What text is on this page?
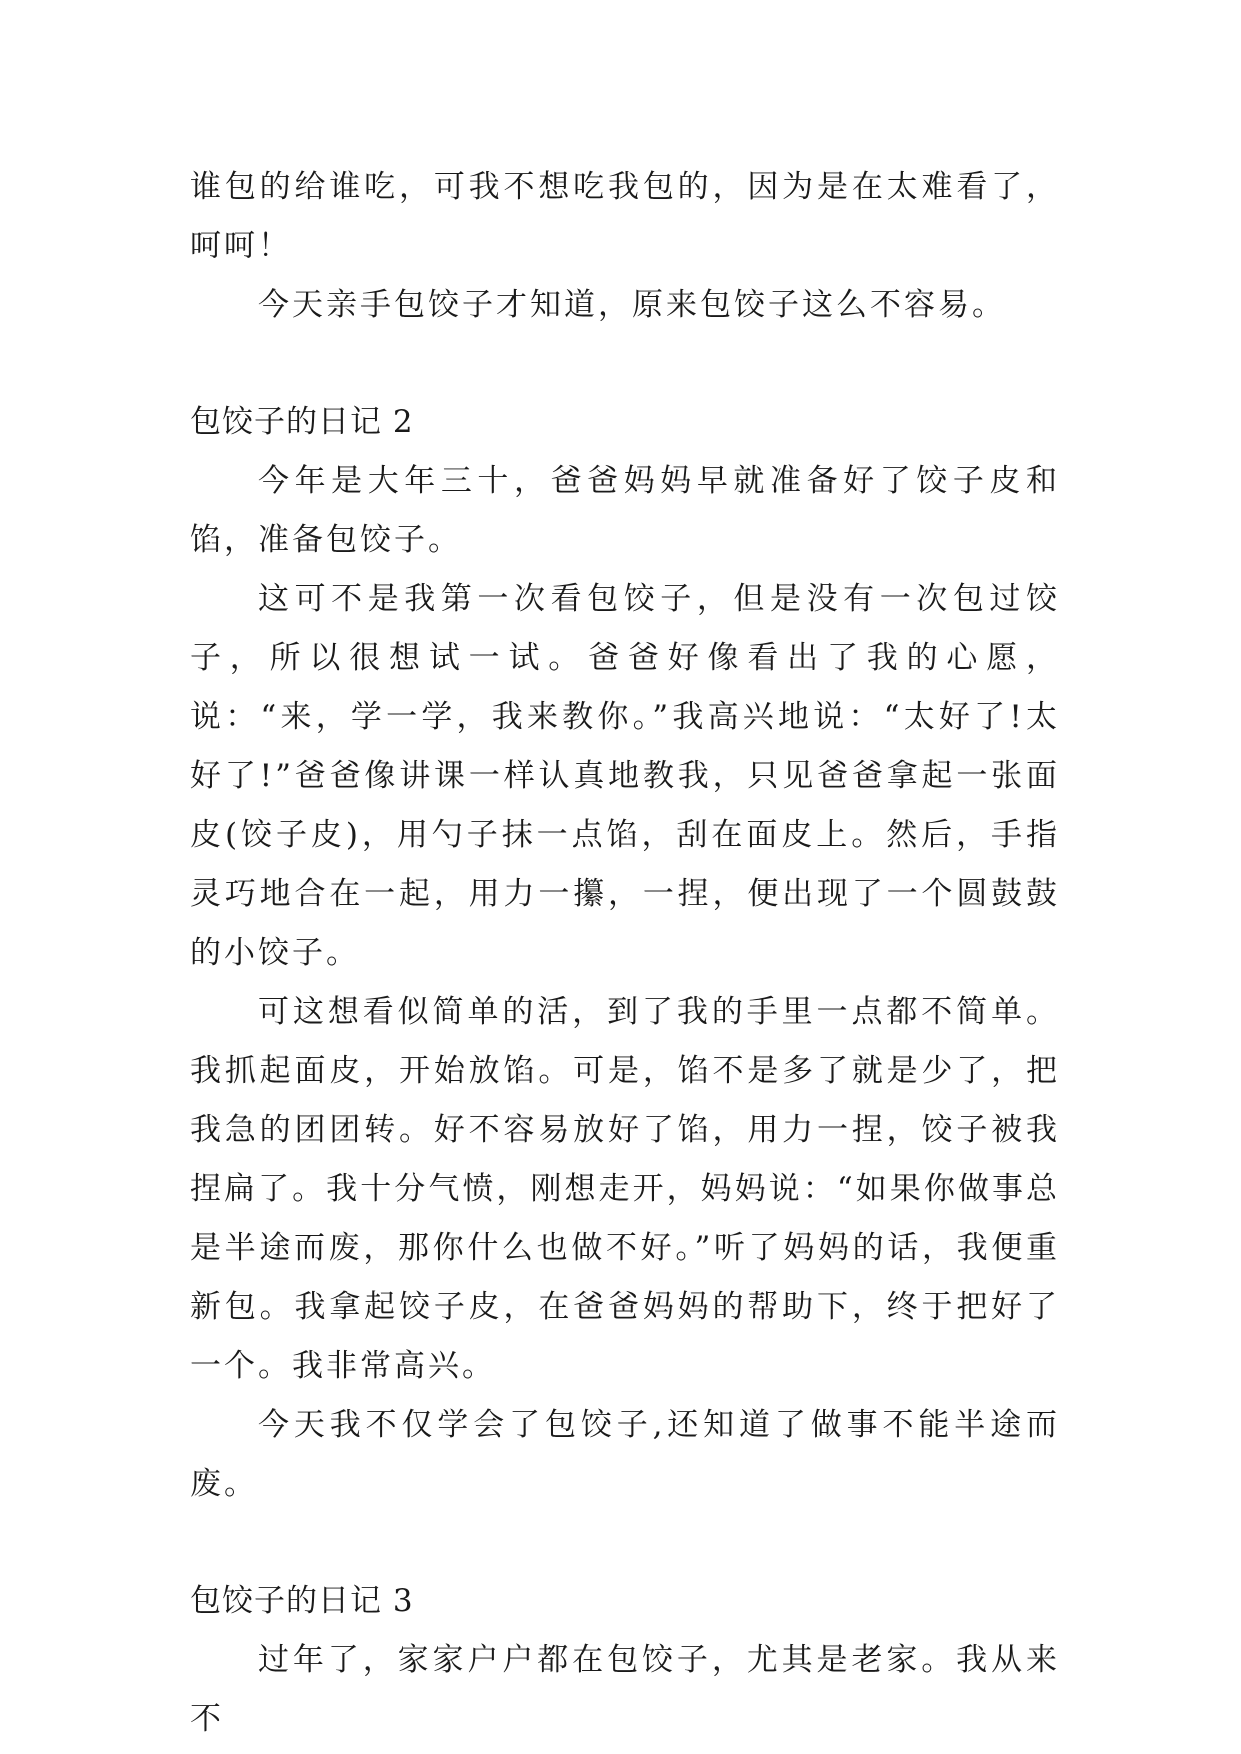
谁包的给谁吃，可我不想吃我包的，因为是在太难看了，呵呵！

今天亲手包饺子才知道，原来包饺子这么不容易。

包饺子的日记 2

今年是大年三十，爸爸妈妈早就准备好了饺子皮和馅，准备包饺子。

这可不是我第一次看包饺子，但是没有一次包过饺子，所以很想试一试。爸爸好像看出了我的心愿，说：“来，学一学，我来教你。”我高兴地说：“太好了!太好了!”爸爸像讲课一样认真地教我，只见爸爸拿起一张面皮(饺子皮)，用勺子抹一点馅，刮在面皮上。然后，手指灵巧地合在一起，用力一攥，一捏，便出现了一个圆鼓鼓的小饺子。

可这想看似简单的活，到了我的手里一点都不简单。我抓起面皮，开始放馅。可是，馅不是多了就是少了，把我急的团团转。好不容易放好了馅，用力一捏，饺子被我捏扁了。我十分气愤，刚想走开，妈妈说：“如果你做事总是半途而废，那你什么也做不好。”听了妈妈的话，我便重新包。我拿起饺子皮，在爸爸妈妈的帮助下，终于把好了一个。我非常高兴。

今天我不仅学会了包饺子,还知道了做事不能半途而废。

包饺子的日记 3

过年了，家家户户都在包饺子，尤其是老家。我从来不
